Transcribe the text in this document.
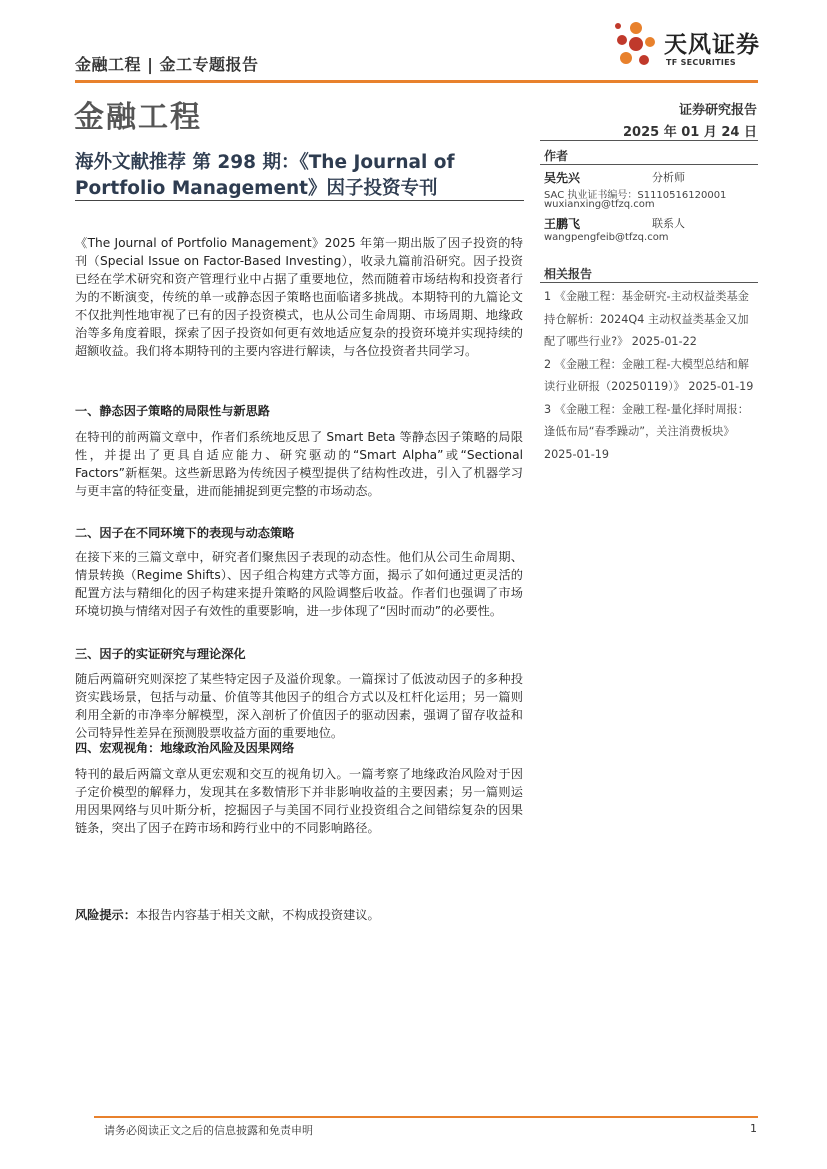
金融工程 | 金工专题报告
天风证券
TF SECURITIES
金融工程	证券研究报告
2025 年 01 月 24 日
海外文献推荐 第 298 期：《The Journal of Portfolio Management》因子投资专刊
作者
吴先兴	分析师
SAC 执业证书编号：S1110516120001
wuxianxing@tfzq.com
王鹏飞	联系人
wangpengfeib@tfzq.com
相关报告

1 《金融工程：基金研究-主动权益类基金持仓解析：2024Q4 主动权益类基金又加配了哪些行业?》 2025-01-22

2 《金融工程：金融工程-大模型总结和解读行业研报（20250119）》 2025-01-19

3 《金融工程：金融工程-量化择时周报：逢低布局“春季躁动”，关注消费板块》 2025-01-19

《The Journal of Portfolio Management》2025 年第一期出版了因子投资的特刊（Special Issue on Factor-Based Investing），收录九篇前沿研究。因子投资已经在学术研究和资产管理行业中占据了重要地位，然而随着市场结构和投资者行为的不断演变，传统的单一或静态因子策略也面临诸多挑战。本期特刊的九篇论文不仅批判性地审视了已有的因子投资模式，也从公司生命周期、市场周期、地缘政治等多角度着眼，探索了因子投资如何更有效地适应复杂的投资环境并实现持续的超额收益。我们将本期特刊的主要内容进行解读，与各位投资者共同学习。

一、静态因子策略的局限性与新思路

在特刊的前两篇文章中，作者们系统地反思了 Smart Beta 等静态因子策略的局限性，并提出了更具自适应能力、研究驱动的“Smart Alpha”或“Sectional Factors”新框架。这些新思路为传统因子模型提供了结构性改进，引入了机器学习与更丰富的特征变量，进而能捕捉到更完整的市场动态。

二、因子在不同环境下的表现与动态策略

在接下来的三篇文章中，研究者们聚焦因子表现的动态性。他们从公司生命周期、情景转换（Regime Shifts）、因子组合构建方式等方面，揭示了如何通过更灵活的配置方法与精细化的因子构建来提升策略的风险调整后收益。作者们也强调了市场环境切换与情绪对因子有效性的重要影响，进一步体现了“因时而动”的必要性。

三、因子的实证研究与理论深化

随后两篇研究则深挖了某些特定因子及溢价现象。一篇探讨了低波动因子的多种投资实践场景，包括与动量、价值等其他因子的组合方式以及杠杆化运用；另一篇则利用全新的市净率分解模型，深入剖析了价值因子的驱动因素，强调了留存收益和公司特异性差异在预测股票收益方面的重要地位。

四、宏观视角：地缘政治风险及因果网络

特刊的最后两篇文章从更宏观和交互的视角切入。一篇考察了地缘政治风险对于因子定价模型的解释力，发现其在多数情形下并非影响收益的主要因素；另一篇则运用因果网络与贝叶斯分析，挖掘因子与美国不同行业投资组合之间错综复杂的因果链条，突出了因子在跨市场和跨行业中的不同影响路径。

风险提示：本报告内容基于相关文献，不构成投资建议。
请务必阅读正文之后的信息披露和免责申明	1
